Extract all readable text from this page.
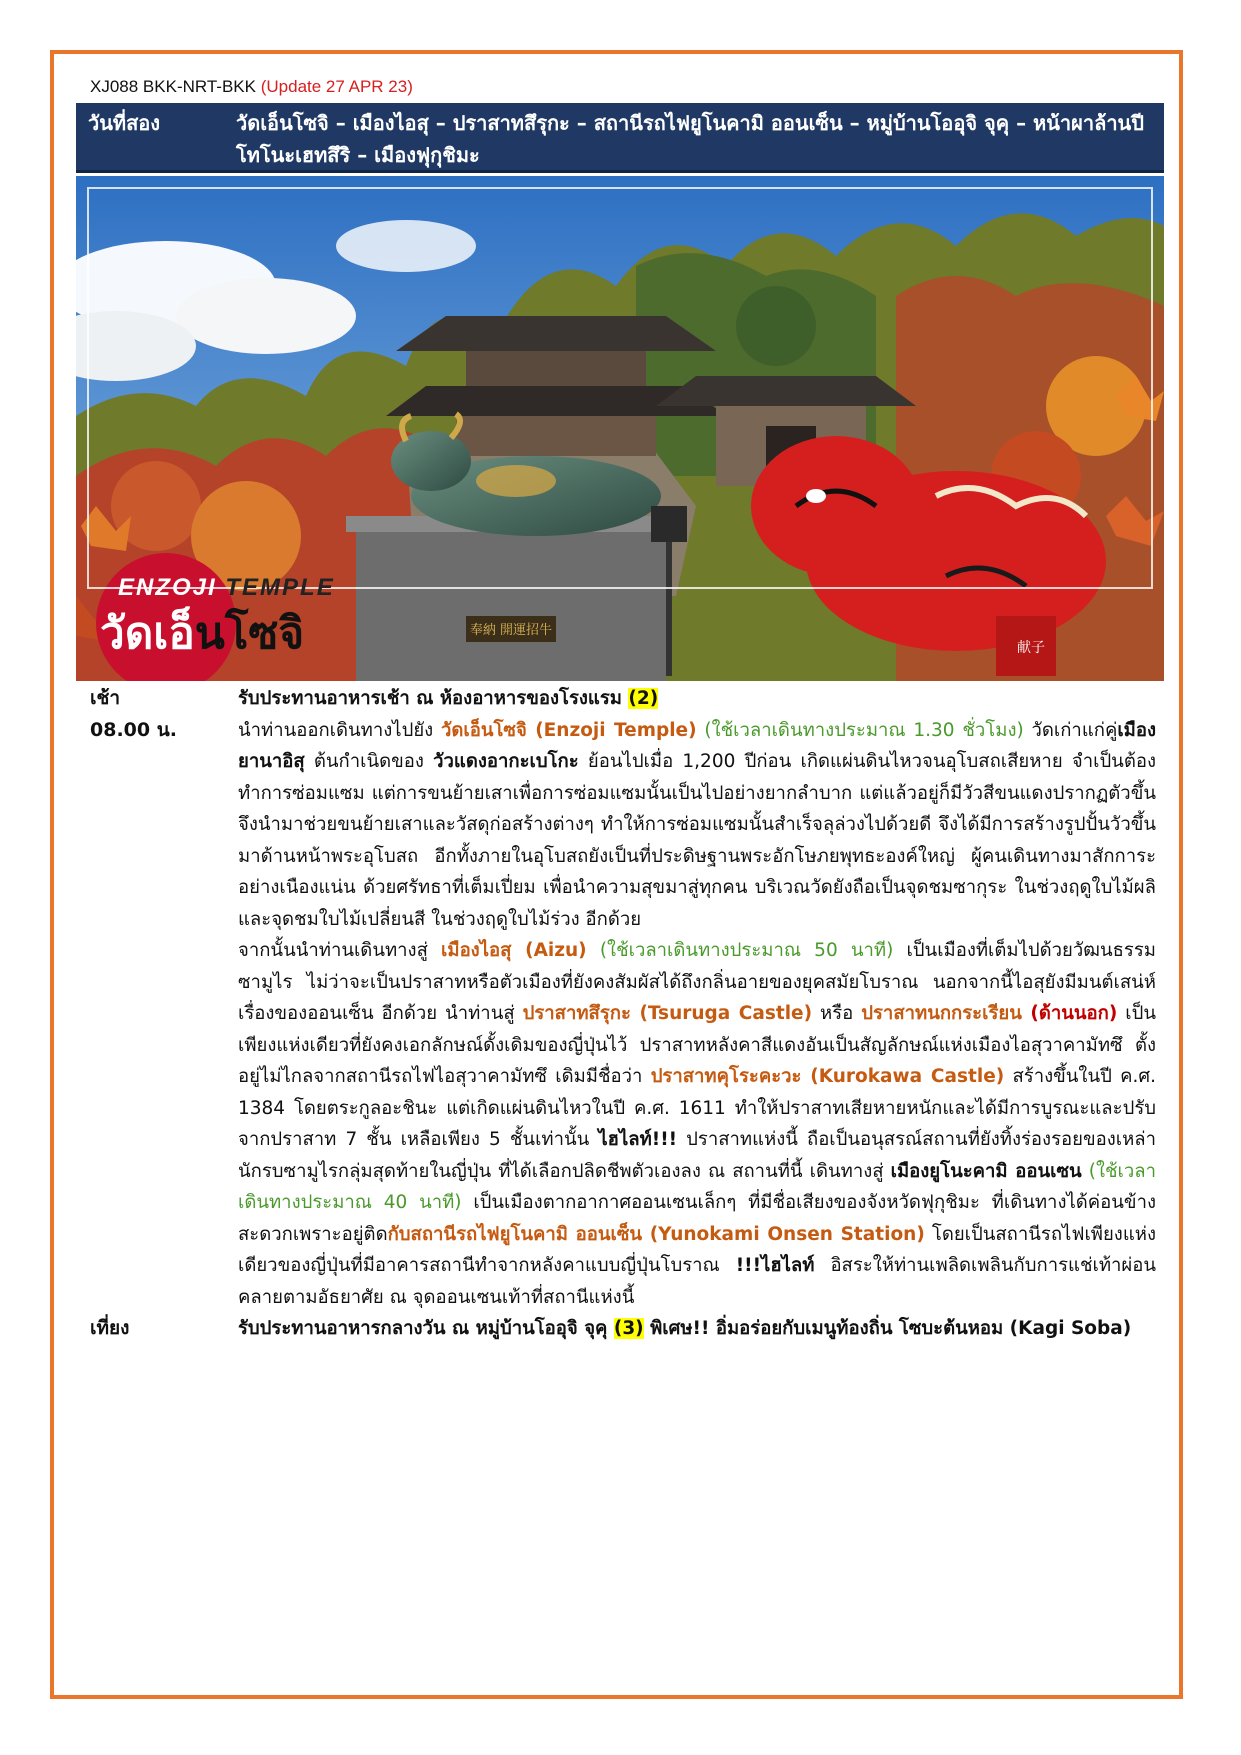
XJ088 BKK-NRT-BKK (Update 27 APR 23)
วันที่สอง	วัดเอ็นโซจิ – เมืองไอสุ – ปราสาทสึรุกะ – สถานีรถไฟยูโนคามิ ออนเซ็น – หมู่บ้านโออุจิ จุคุ – หน้าผาล้านปี โทโนะเฮทสึริ – เมืองฟุกุชิมะ
奉納 開運招牛
献子
ENZOJI TEMPLE
วัดเอ็นโซจิ
เช้า	รับประทานอาหารเช้า ณ ห้องอาหารของโรงแรม (2)
08.00 น.	นำท่านออกเดินทางไปยัง วัดเอ็นโซจิ (Enzoji Temple) (ใช้เวลาเดินทางประมาณ 1.30 ชั่วโมง) วัดเก่าแก่คู่เมืองยานาอิสุ ต้นกำเนิดของ วัวแดงอากะเบโกะ ย้อนไปเมื่อ 1,200 ปีก่อน เกิดแผ่นดินไหวจนอุโบสถเสียหาย จำเป็นต้องทำการซ่อมแซม แต่การขนย้ายเสาเพื่อการซ่อมแซมนั้นเป็นไปอย่างยากลำบาก แต่แล้วอยู่ก็มีวัวสีขนแดงปรากฏตัวขึ้น จึงนำมาช่วยขนย้ายเสาและวัสดุก่อสร้างต่างๆ ทำให้การซ่อมแซมนั้นสำเร็จลุล่วงไปด้วยดี จึงได้มีการสร้างรูปปั้นวัวขึ้นมาด้านหน้าพระอุโบสถ อีกทั้งภายในอุโบสถยังเป็นที่ประดิษฐานพระอักโษภยพุทธะองค์ใหญ่ ผู้คนเดินทางมาสักการะอย่างเนืองแน่น ด้วยศรัทธาที่เต็มเปี่ยม เพื่อนำความสุขมาสู่ทุกคน บริเวณวัดยังถือเป็นจุดชมซากุระ ในช่วงฤดูใบไม้ผลิ และจุดชมใบไม้เปลี่ยนสี ในช่วงฤดูใบไม้ร่วง อีกด้วย
จากนั้นนำท่านเดินทางสู่ เมืองไอสุ (Aizu) (ใช้เวลาเดินทางประมาณ 50 นาที) เป็นเมืองที่เต็มไปด้วยวัฒนธรรมซามูไร ไม่ว่าจะเป็นปราสาทหรือตัวเมืองที่ยังคงสัมผัสได้ถึงกลิ่นอายของยุคสมัยโบราณ นอกจากนี้ไอสุยังมีมนต์เสน่ห์เรื่องของออนเซ็น อีกด้วย นำท่านสู่ ปราสาทสึรุกะ (Tsuruga Castle) หรือ ปราสาทนกกระเรียน (ด้านนอก) เป็นเพียงแห่งเดียวที่ยังคงเอกลักษณ์ดั้งเดิมของญี่ปุ่นไว้ ปราสาทหลังคาสีแดงอันเป็นสัญลักษณ์แห่งเมืองไอสุวาคามัทซึ ตั้งอยู่ไม่ไกลจากสถานีรถไฟไอสุวาคามัทซึ เดิมมีชื่อว่า ปราสาทคุโระคะวะ (Kurokawa Castle) สร้างขึ้นในปี ค.ศ. 1384 โดยตระกูลอะชินะ แต่เกิดแผ่นดินไหวในปี ค.ศ. 1611 ทำให้ปราสาทเสียหายหนักและได้มีการบูรณะและปรับจากปราสาท 7 ชั้น เหลือเพียง 5 ชั้นเท่านั้น ไฮไลท์!!! ปราสาทแห่งนี้ ถือเป็นอนุสรณ์สถานที่ยังทิ้งร่องรอยของเหล่านักรบซามูไรกลุ่มสุดท้ายในญี่ปุ่น ที่ได้เลือกปลิดชีพตัวเองลง ณ สถานที่นี้ เดินทางสู่ เมืองยูโนะคามิ ออนเซน (ใช้เวลาเดินทางประมาณ 40 นาที) เป็นเมืองตากอากาศออนเซนเล็กๆ ที่มีชื่อเสียงของจังหวัดฟุกุชิมะ ที่เดินทางได้ค่อนข้างสะดวกเพราะอยู่ติดกับสถานีรถไฟยูโนคามิ ออนเซ็น (Yunokami Onsen Station) โดยเป็นสถานีรถไฟเพียงแห่งเดียวของญี่ปุ่นที่มีอาคารสถานีทำจากหลังคาแบบญี่ปุ่นโบราณ !!!ไฮไลท์ อิสระให้ท่านเพลิดเพลินกับการแช่เท้าผ่อนคลายตามอัธยาศัย ณ จุดออนเซนเท้าที่สถานีแห่งนี้
เที่ยง	รับประทานอาหารกลางวัน ณ หมู่บ้านโออุจิ จุคุ (3) พิเศษ!! อิ่มอร่อยกับเมนูท้องถิ่น โซบะต้นหอม (Kagi Soba)
